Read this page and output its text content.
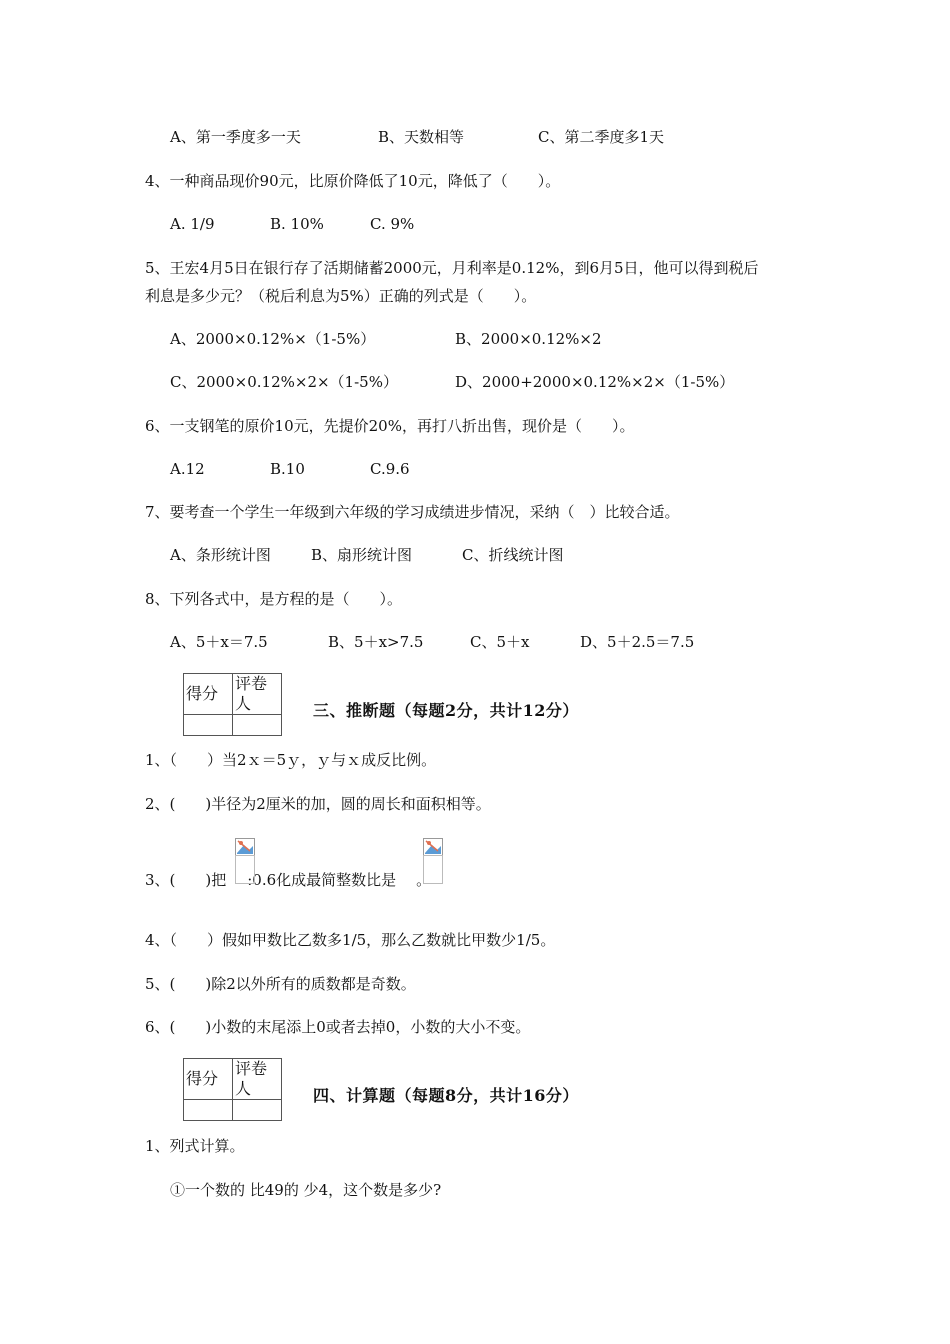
A、第一季度多一天	B、天数相等	C、第二季度多1天
4、一种商品现价90元，比原价降低了10元，降低了（　　）。
A. 1/9	B. 10%	C. 9%
5、王宏4月5日在银行存了活期储蓄2000元，月利率是0.12%，到6月5日，他可以得到税后
利息是多少元？（税后利息为5%）正确的列式是（　　）。
A、2000×0.12%×（1-5%）	B、2000×0.12%×2
C、2000×0.12%×2×（1-5%）	D、2000+2000×0.12%×2×（1-5%）
6、一支钢笔的原价10元，先提价20%，再打八折出售，现价是（　　）。
A.12	B.10	C.9.6
7、要考查一个学生一年级到六年级的学习成绩进步情况，采纳（　）比较合适。
A、条形统计图	B、扇形统计图	C、折线统计图
8、下列各式中，是方程的是（　　）。
A、5＋x＝7.5	B、5＋x>7.5	C、5＋x	D、5＋2.5＝7.5
得分	评卷人
		三、推断题（每题2分，共计12分）
1、（　　）当2ｘ＝5ｙ，ｙ与ｘ成反比例。
2、(　　)半径为2厘米的加，圆的周长和面积相等。
3、(　　)把 :0.6化成最简整数比是 。
4、（　　）假如甲数比乙数多1/5，那么乙数就比甲数少1/5。
5、(　　)除2以外所有的质数都是奇数。
6、(　　)小数的末尾添上0或者去掉0，小数的大小不变。
得分	评卷人
		四、计算题（每题8分，共计16分）
1、列式计算。
①一个数的 比49的 少4，这个数是多少?
